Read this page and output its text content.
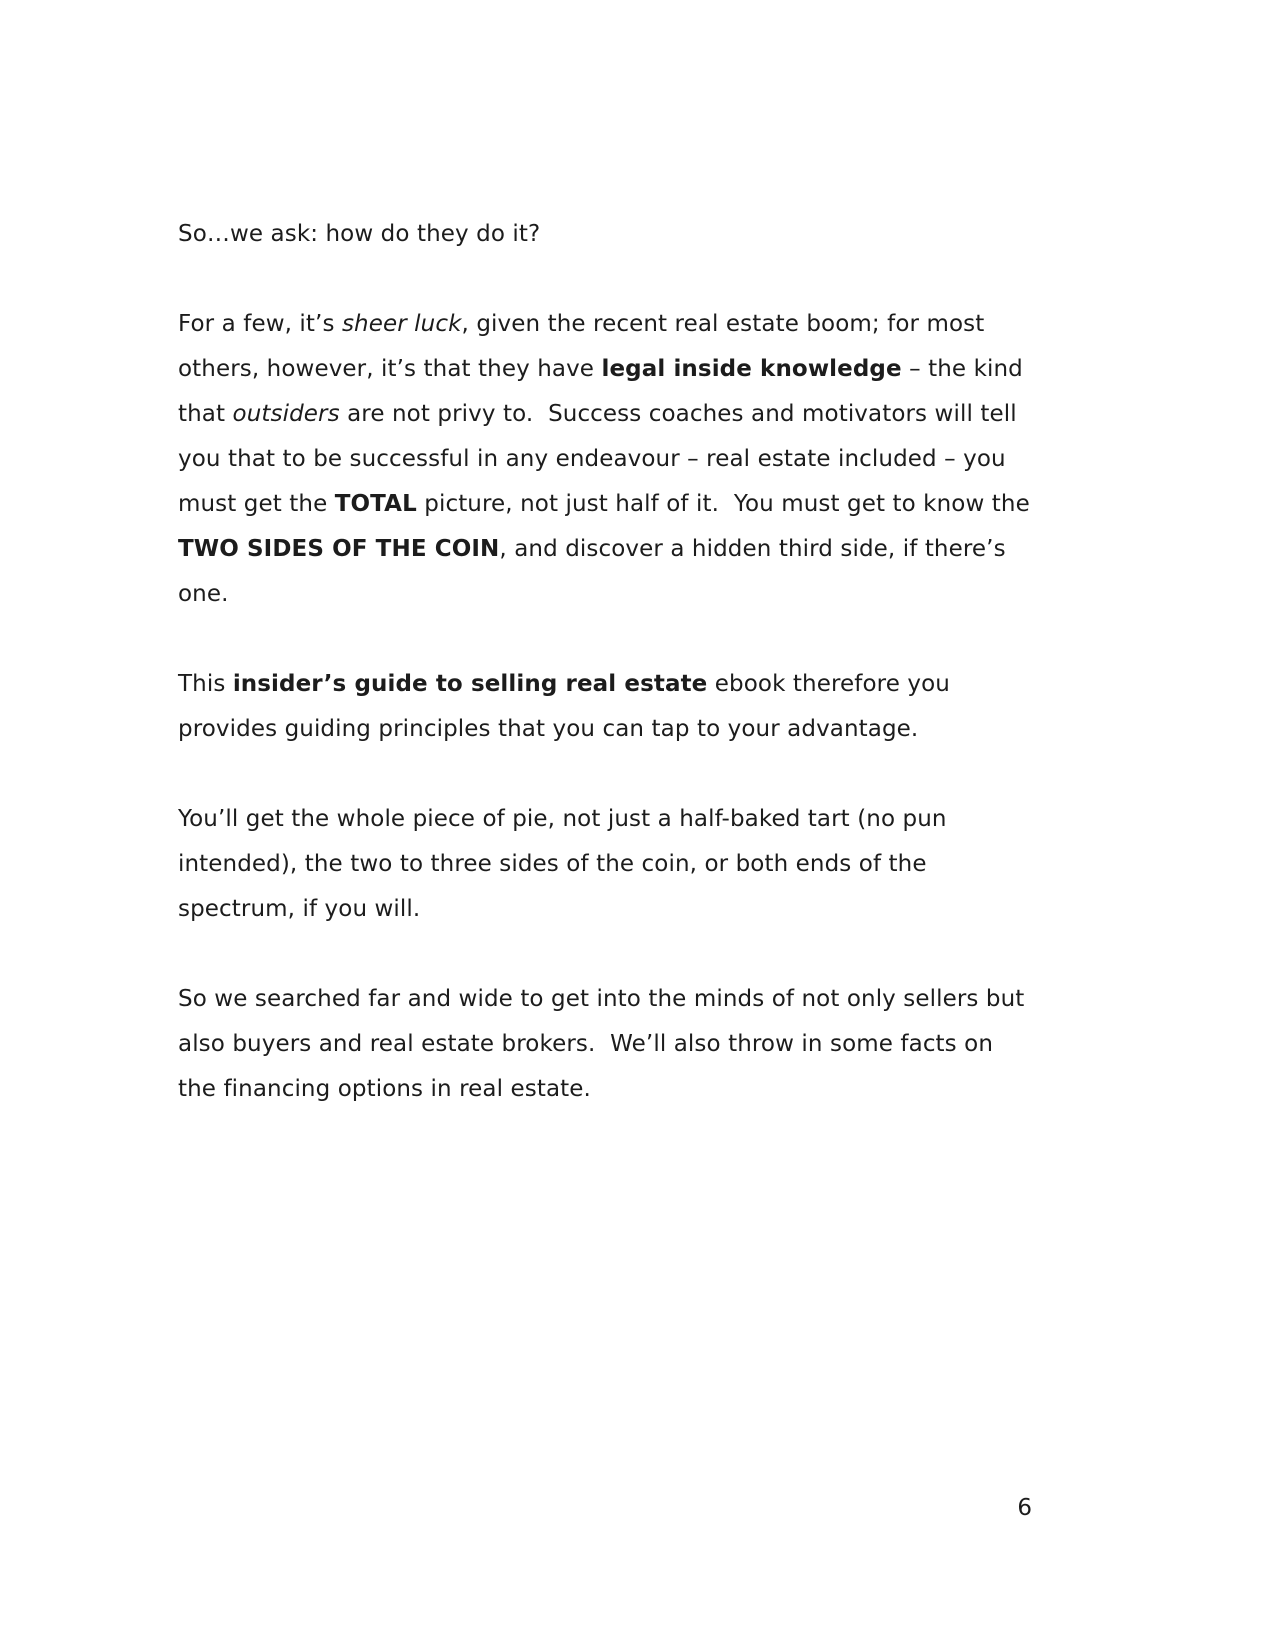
So…we ask: how do they do it?

For a few, it’s sheer luck, given the recent real estate boom; for most others, however, it’s that they have legal inside knowledge – the kind that outsiders are not privy to.  Success coaches and motivators will tell you that to be successful in any endeavour – real estate included – you must get the TOTAL picture, not just half of it.  You must get to know the TWO SIDES OF THE COIN, and discover a hidden third side, if there’s one.

This insider’s guide to selling real estate ebook therefore you provides guiding principles that you can tap to your advantage.

You’ll get the whole piece of pie, not just a half-baked tart (no pun intended), the two to three sides of the coin, or both ends of the spectrum, if you will.

So we searched far and wide to get into the minds of not only sellers but also buyers and real estate brokers.  We’ll also throw in some facts on the financing options in real estate.

6
